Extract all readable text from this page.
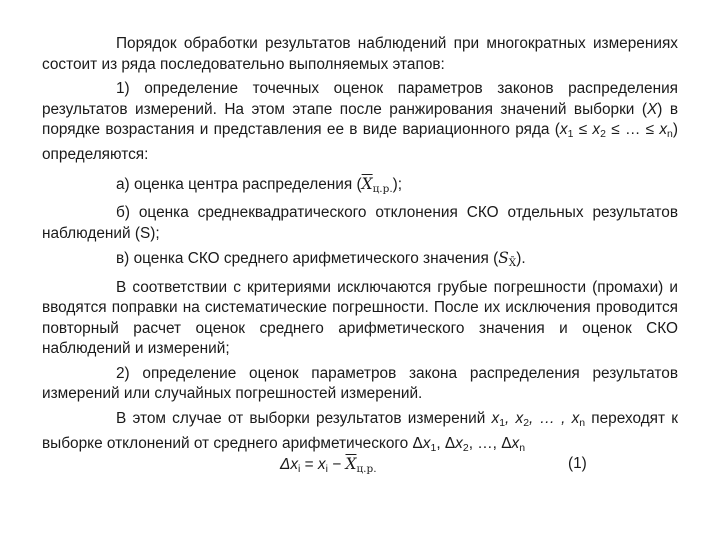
Порядок обработки результатов наблюдений при многократных измерениях состоит из ряда последовательно выполняемых этапов:

1) определение точечных оценок параметров законов распределения результатов измерений. На этом этапе после ранжирования значений выборки (X) в порядке возрастания и представления ее в виде вариационного ряда ($x_1 \le x_2$ ≤ … ≤ $x_n$) определяются:

а) оценка центра распределения $(\overline{X}_{ц.р.})$;

б) оценка среднеквадратического отклонения СКО отдельных результатов наблюдений (S);

в) оценка СКО среднего арифметического значения $(S_{X̄})$.

В соответствии с критериями исключаются грубые погрешности (промахи) и вводятся поправки на систематические погрешности. После их исключения проводится повторный расчет оценок среднего арифметического значения и оценок СКО наблюдений и измерений;

2) определение оценок параметров закона распределения результатов измерений или случайных погрешностей измерений.

В этом случае от выборки результатов измерений $x_1$, $x_2$, … , $x_n$ переходят к выборке отклонений от среднего арифметического $\Delta x_1$, $\Delta x_2$, …, $\Delta x_n$

$\Delta x_i = x_i - \overline{X}_{ц.р.}$	(1)
